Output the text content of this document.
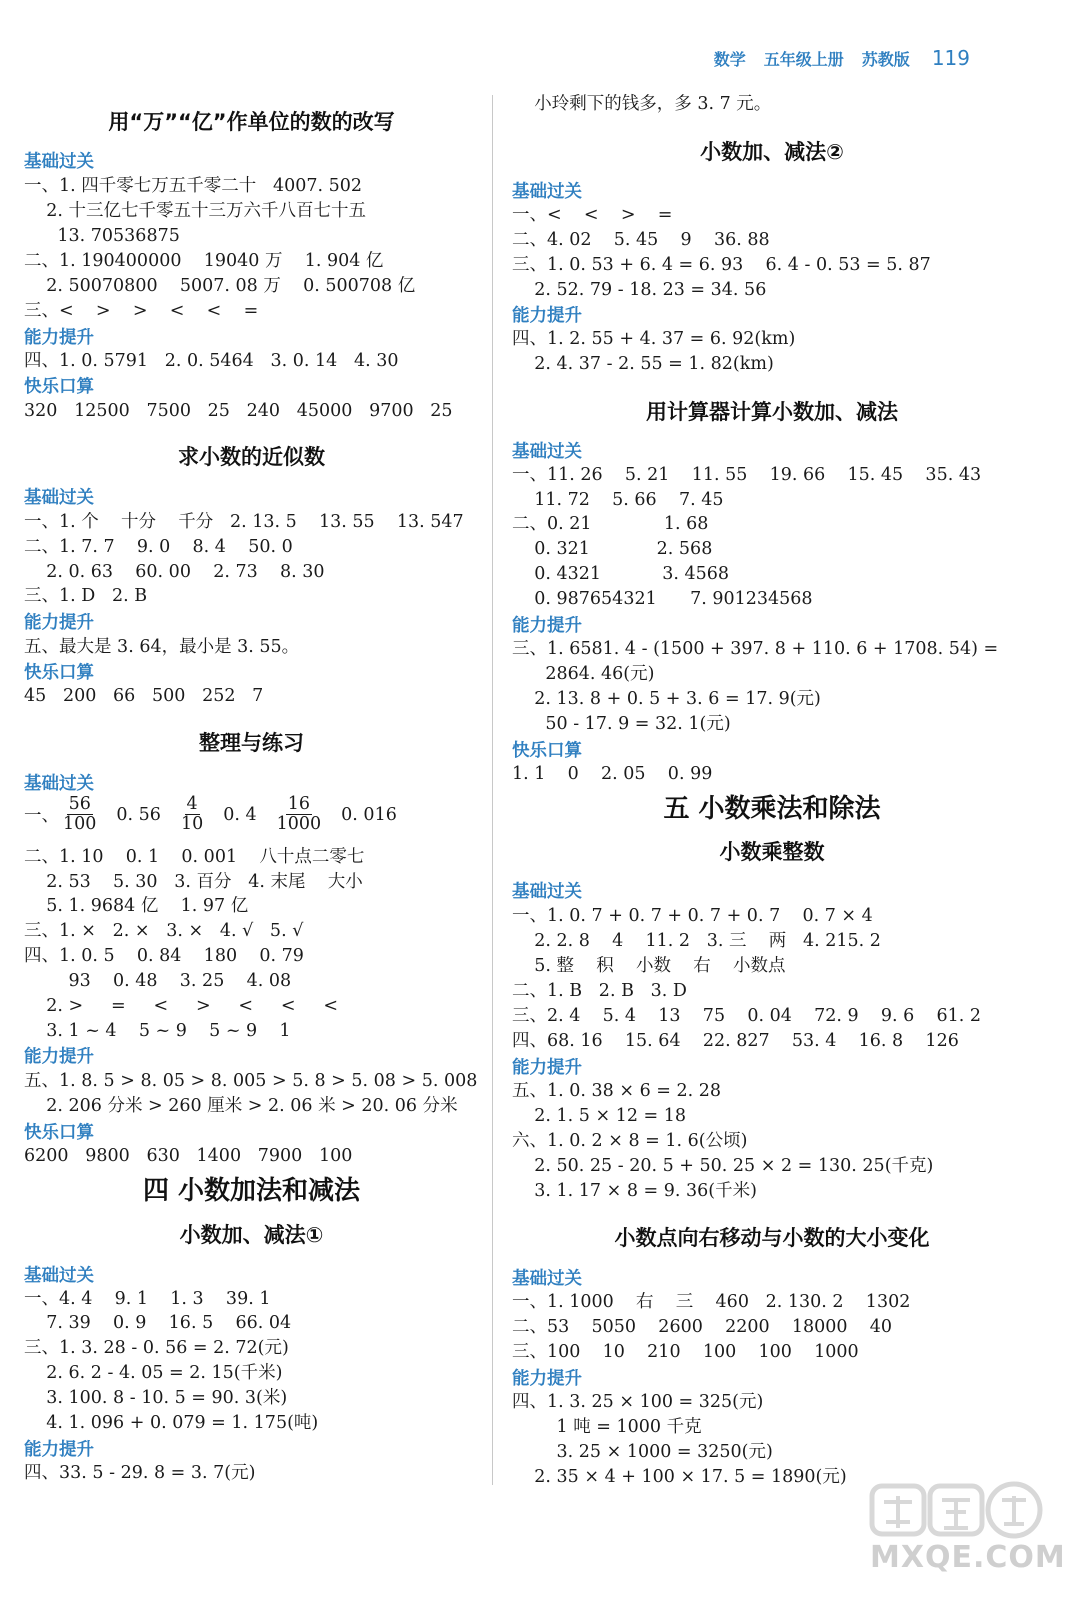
数学 五年级上册 苏教版 119
用“万”“亿”作单位的数的改写
基础过关
一、1. 四千零七万五千零二十   4007. 502
2. 十三亿七千零五十三万六千八百七十五
13. 70536875
二、1. 190400000    19040 万    1. 904 亿
2. 50070800    5007. 08 万    0. 500708 亿
三、<    >    >    <    <    =
能力提升
四、1. 0. 5791   2. 0. 5464   3. 0. 14   4. 30
快乐口算
320   12500   7500   25   240   45000   9700   25
求小数的近似数
基础过关
一、1. 个    十分    千分   2. 13. 5    13. 55    13. 547
二、1. 7. 7    9. 0    8. 4    50. 0
2. 0. 63    60. 00    2. 73    8. 30
三、1. D   2. B
能力提升
五、最大是 3. 64，最小是 3. 55。
快乐口算
45   200   66   500   252   7
整理与练习
基础过关
一、 $\frac{56}{100} 0$. $56 \frac{4}{10} 0$. $4 \frac{16}{1000} 0$. 016
二、1. 10    0. 1    0. 001    八十点二零七
2. 53    5. 30   3. 百分   4. 末尾    大小
5. 1. 9684 亿    1. 97 亿
三、1. ×   2. ×   3. ×   4. √   5. √
四、1. 0. 5    0. 84    180    0. 79
93    0. 48    3. 25    4. 08
2. >     =     <     >     <     <     <
3. 1 ~ 4    5 ~ 9    5 ~ 9    1
能力提升
五、1. 8. 5 > 8. 05 > 8. 005 > 5. 8 > 5. 08 > 5. 008
2. 206 分米 > 260 厘米 > 2. 06 米 > 20. 06 分米
快乐口算
6200   9800   630   1400   7900   100
四 小数加法和减法
小数加、减法①
基础过关
一、4. 4    9. 1    1. 3    39. 1
7. 39    0. 9    16. 5    66. 04
三、1. 3. 28 - 0. 56 = 2. 72(元)
2. 6. 2 - 4. 05 = 2. 15(千米)
3. 100. 8 - 10. 5 = 90. 3(米)
4. 1. 096 + 0. 079 = 1. 175(吨)
能力提升
四、33. 5 - 29. 8 = 3. 7(元)
小玲剩下的钱多，多 3. 7 元。
小数加、减法②
基础过关
一、<    <    >    =
二、4. 02    5. 45    9    36. 88
三、1. 0. 53 + 6. 4 = 6. 93    6. 4 - 0. 53 = 5. 87
2. 52. 79 - 18. 23 = 34. 56
能力提升
四、1. 2. 55 + 4. 37 = 6. 92(km)
2. 4. 37 - 2. 55 = 1. 82(km)
用计算器计算小数加、减法
基础过关
一、11. 26    5. 21    11. 55    19. 66    15. 45    35. 43
11. 72    5. 66    7. 45
二、0. 21             1. 68
0. 321            2. 568
0. 4321           3. 4568
0. 987654321      7. 901234568
能力提升
三、1. 6581. 4 - (1500 + 397. 8 + 110. 6 + 1708. 54) =
2864. 46(元)
2. 13. 8 + 0. 5 + 3. 6 = 17. 9(元)
50 - 17. 9 = 32. 1(元)
快乐口算
1. 1    0    2. 05    0. 99
五 小数乘法和除法
小数乘整数
基础过关
一、1. 0. 7 + 0. 7 + 0. 7 + 0. 7    0. 7 × 4
2. 2. 8    4    11. 2   3. 三    两   4. 215. 2
5. 整    积    小数    右    小数点
二、1. B   2. B   3. D
三、2. 4    5. 4    13    75    0. 04    72. 9    9. 6    61. 2
四、68. 16    15. 64    22. 827    53. 4    16. 8    126
能力提升
五、1. 0. 38 × 6 = 2. 28
2. 1. 5 × 12 = 18
六、1. 0. 2 × 8 = 1. 6(公顷)
2. 50. 25 - 20. 5 + 50. 25 × 2 = 130. 25(千克)
3. 1. 17 × 8 = 9. 36(千米)
小数点向右移动与小数的大小变化
基础过关
一、1. 1000    右    三    460   2. 130. 2    1302
二、53    5050    2600    2200    18000    40
三、100    10    210    100    100    1000
能力提升
四、1. 3. 25 × 100 = 325(元)
1 吨 = 1000 千克
3. 25 × 1000 = 3250(元)
2. 35 × 4 + 100 × 17. 5 = 1890(元)
MXQE.COM
